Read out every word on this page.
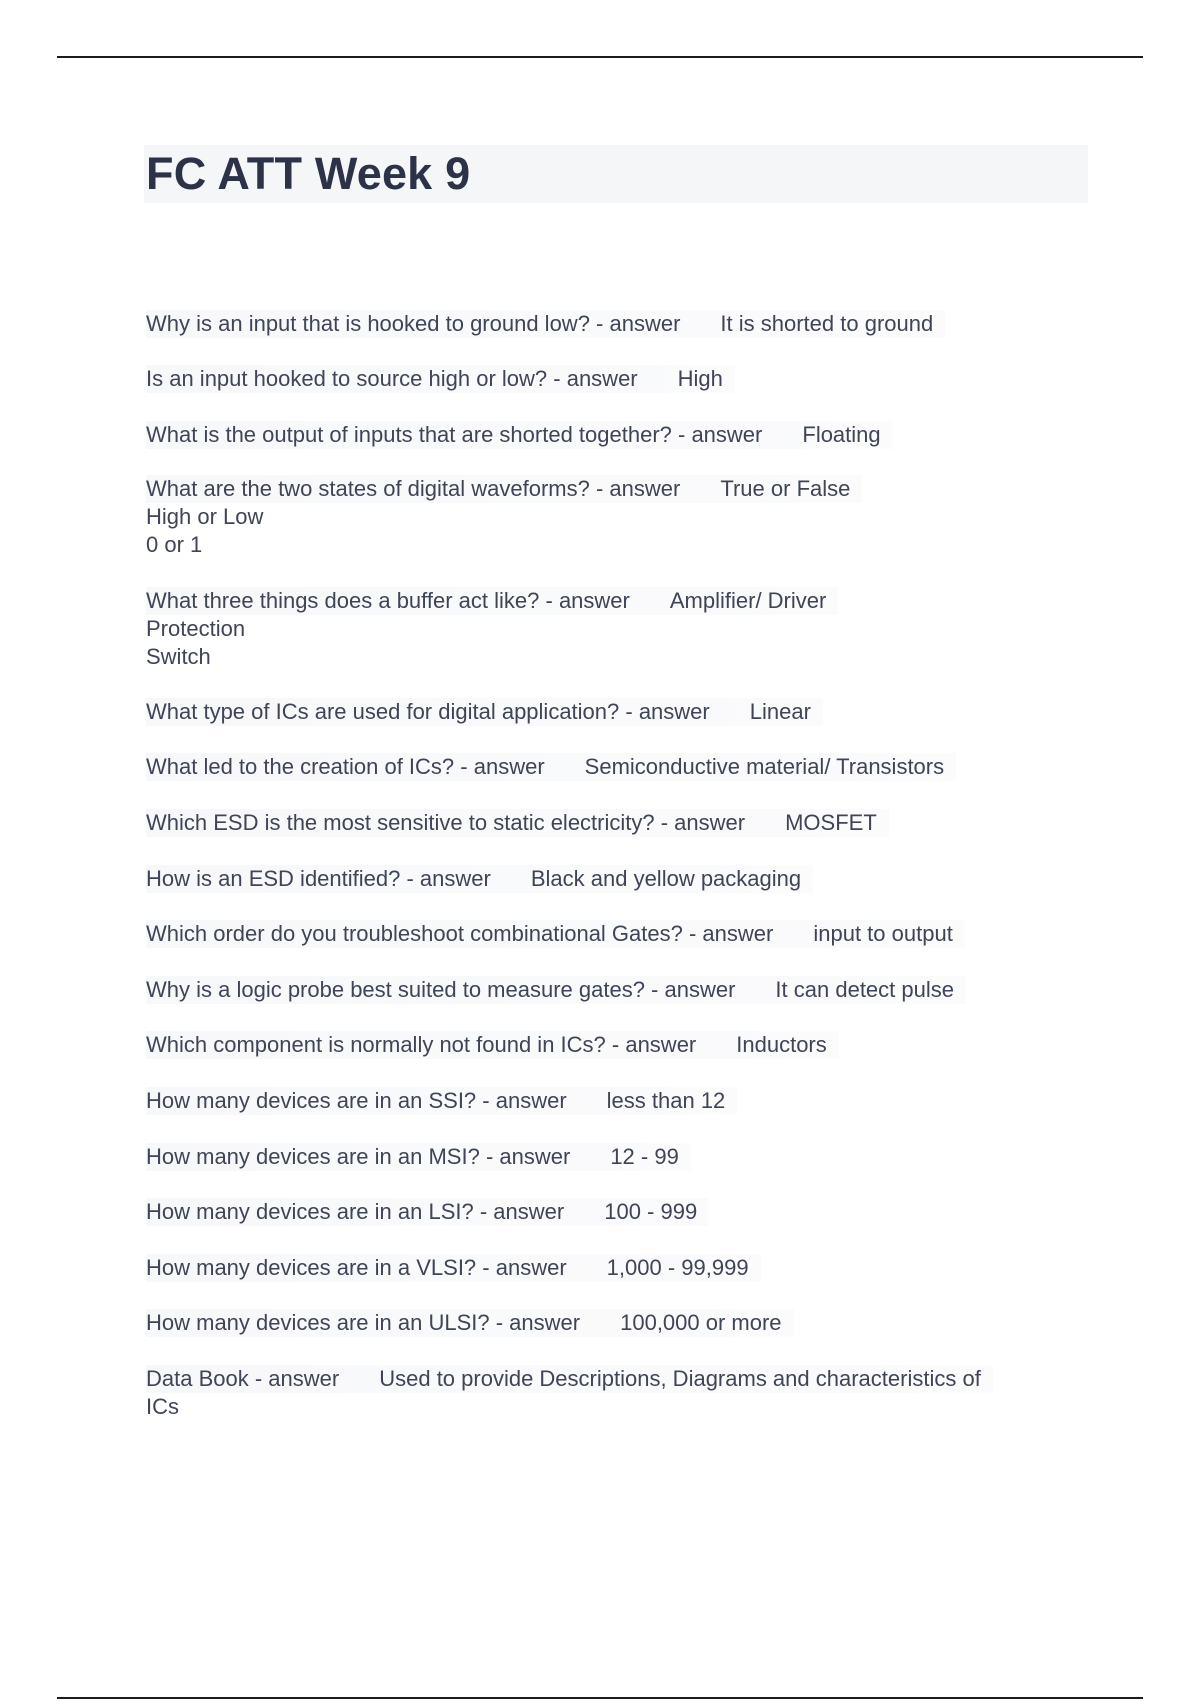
FC ATT Week 9
Why is an input that is hooked to ground low? - answer It is shorted to ground
Is an input hooked to source high or low? - answer High
What is the output of inputs that are shorted together? - answer Floating
What are the two states of digital waveforms? - answer True or False
High or Low
0 or 1
What three things does a buffer act like? - answer Amplifier/ Driver
Protection
Switch
What type of ICs are used for digital application? - answer Linear
What led to the creation of ICs? - answer Semiconductive material/ Transistors
Which ESD is the most sensitive to static electricity? - answer MOSFET
How is an ESD identified? - answer Black and yellow packaging
Which order do you troubleshoot combinational Gates? - answer input to output
Why is a logic probe best suited to measure gates? - answer It can detect pulse
Which component is normally not found in ICs? - answer Inductors
How many devices are in an SSI? - answer less than 12
How many devices are in an MSI? - answer 12 - 99
How many devices are in an LSI? - answer 100 - 999
How many devices are in a VLSI? - answer 1,000 - 99,999
How many devices are in an ULSI? - answer 100,000 or more
Data Book - answer Used to provide Descriptions, Diagrams and characteristics of
ICs
